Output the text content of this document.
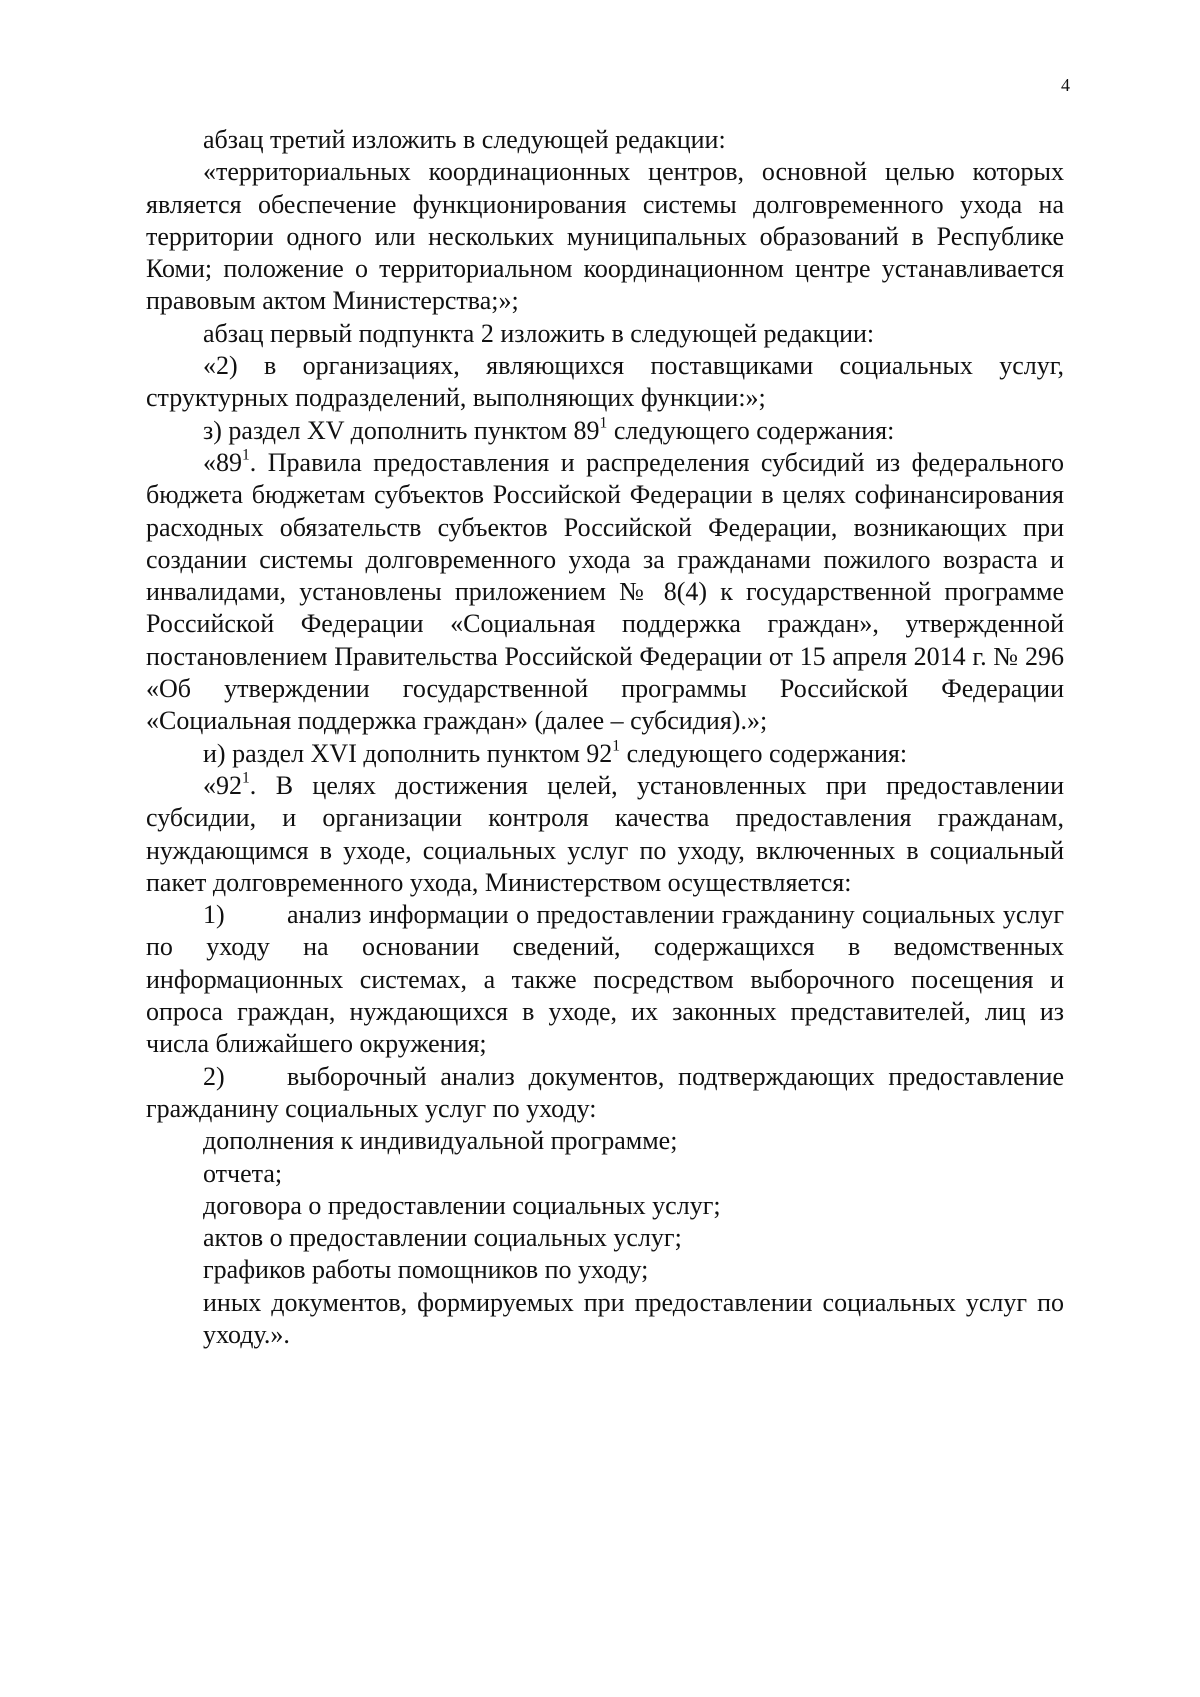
4

абзац третий изложить в следующей редакции:

«территориальных координационных центров, основной целью которых является обеспечение функционирования системы долговременного ухода на территории одного или нескольких муниципальных образований в Республике Коми; положение о территориальном координационном центре устанавливается правовым актом Министерства;»;

абзац первый подпункта 2 изложить в следующей редакции:

«2) в организациях, являющихся поставщиками социальных услуг, структурных подразделений, выполняющих функции:»;

з) раздел XV дополнить пунктом $89^1$ следующего содержания:

«$89^1$. Правила предоставления и распределения субсидий из федерального бюджета бюджетам субъектов Российской Федерации в целях софинансирования расходных обязательств субъектов Российской Федерации, возникающих при создании системы долговременного ухода за гражданами пожилого возраста и инвалидами, установлены приложением № 8(4) к государственной программе Российской Федерации «Социальная поддержка граждан», утвержденной постановлением Правительства Российской Федерации от 15 апреля 2014 г. № 296 «Об утверждении государственной программы Российской Федерации «Социальная поддержка граждан» (далее – субсидия).»;

и) раздел XVI дополнить пунктом $92^1$ следующего содержания:

«$92^1$. В целях достижения целей, установленных при предоставлении субсидии, и организации контроля качества предоставления гражданам, нуждающимся в уходе, социальных услуг по уходу, включенных в социальный пакет долговременного ухода, Министерством осуществляется:

1) анализ информации о предоставлении гражданину социальных услуг по уходу на основании сведений, содержащихся в ведомственных информационных системах, а также посредством выборочного посещения и опроса граждан, нуждающихся в уходе, их законных представителей, лиц из числа ближайшего окружения;

2) выборочный анализ документов, подтверждающих предоставление гражданину социальных услуг по уходу:

дополнения к индивидуальной программе;

отчета;

договора о предоставлении социальных услуг;

актов о предоставлении социальных услуг;

графиков работы помощников по уходу;

иных документов, формируемых при предоставлении социальных услуг по уходу.».
